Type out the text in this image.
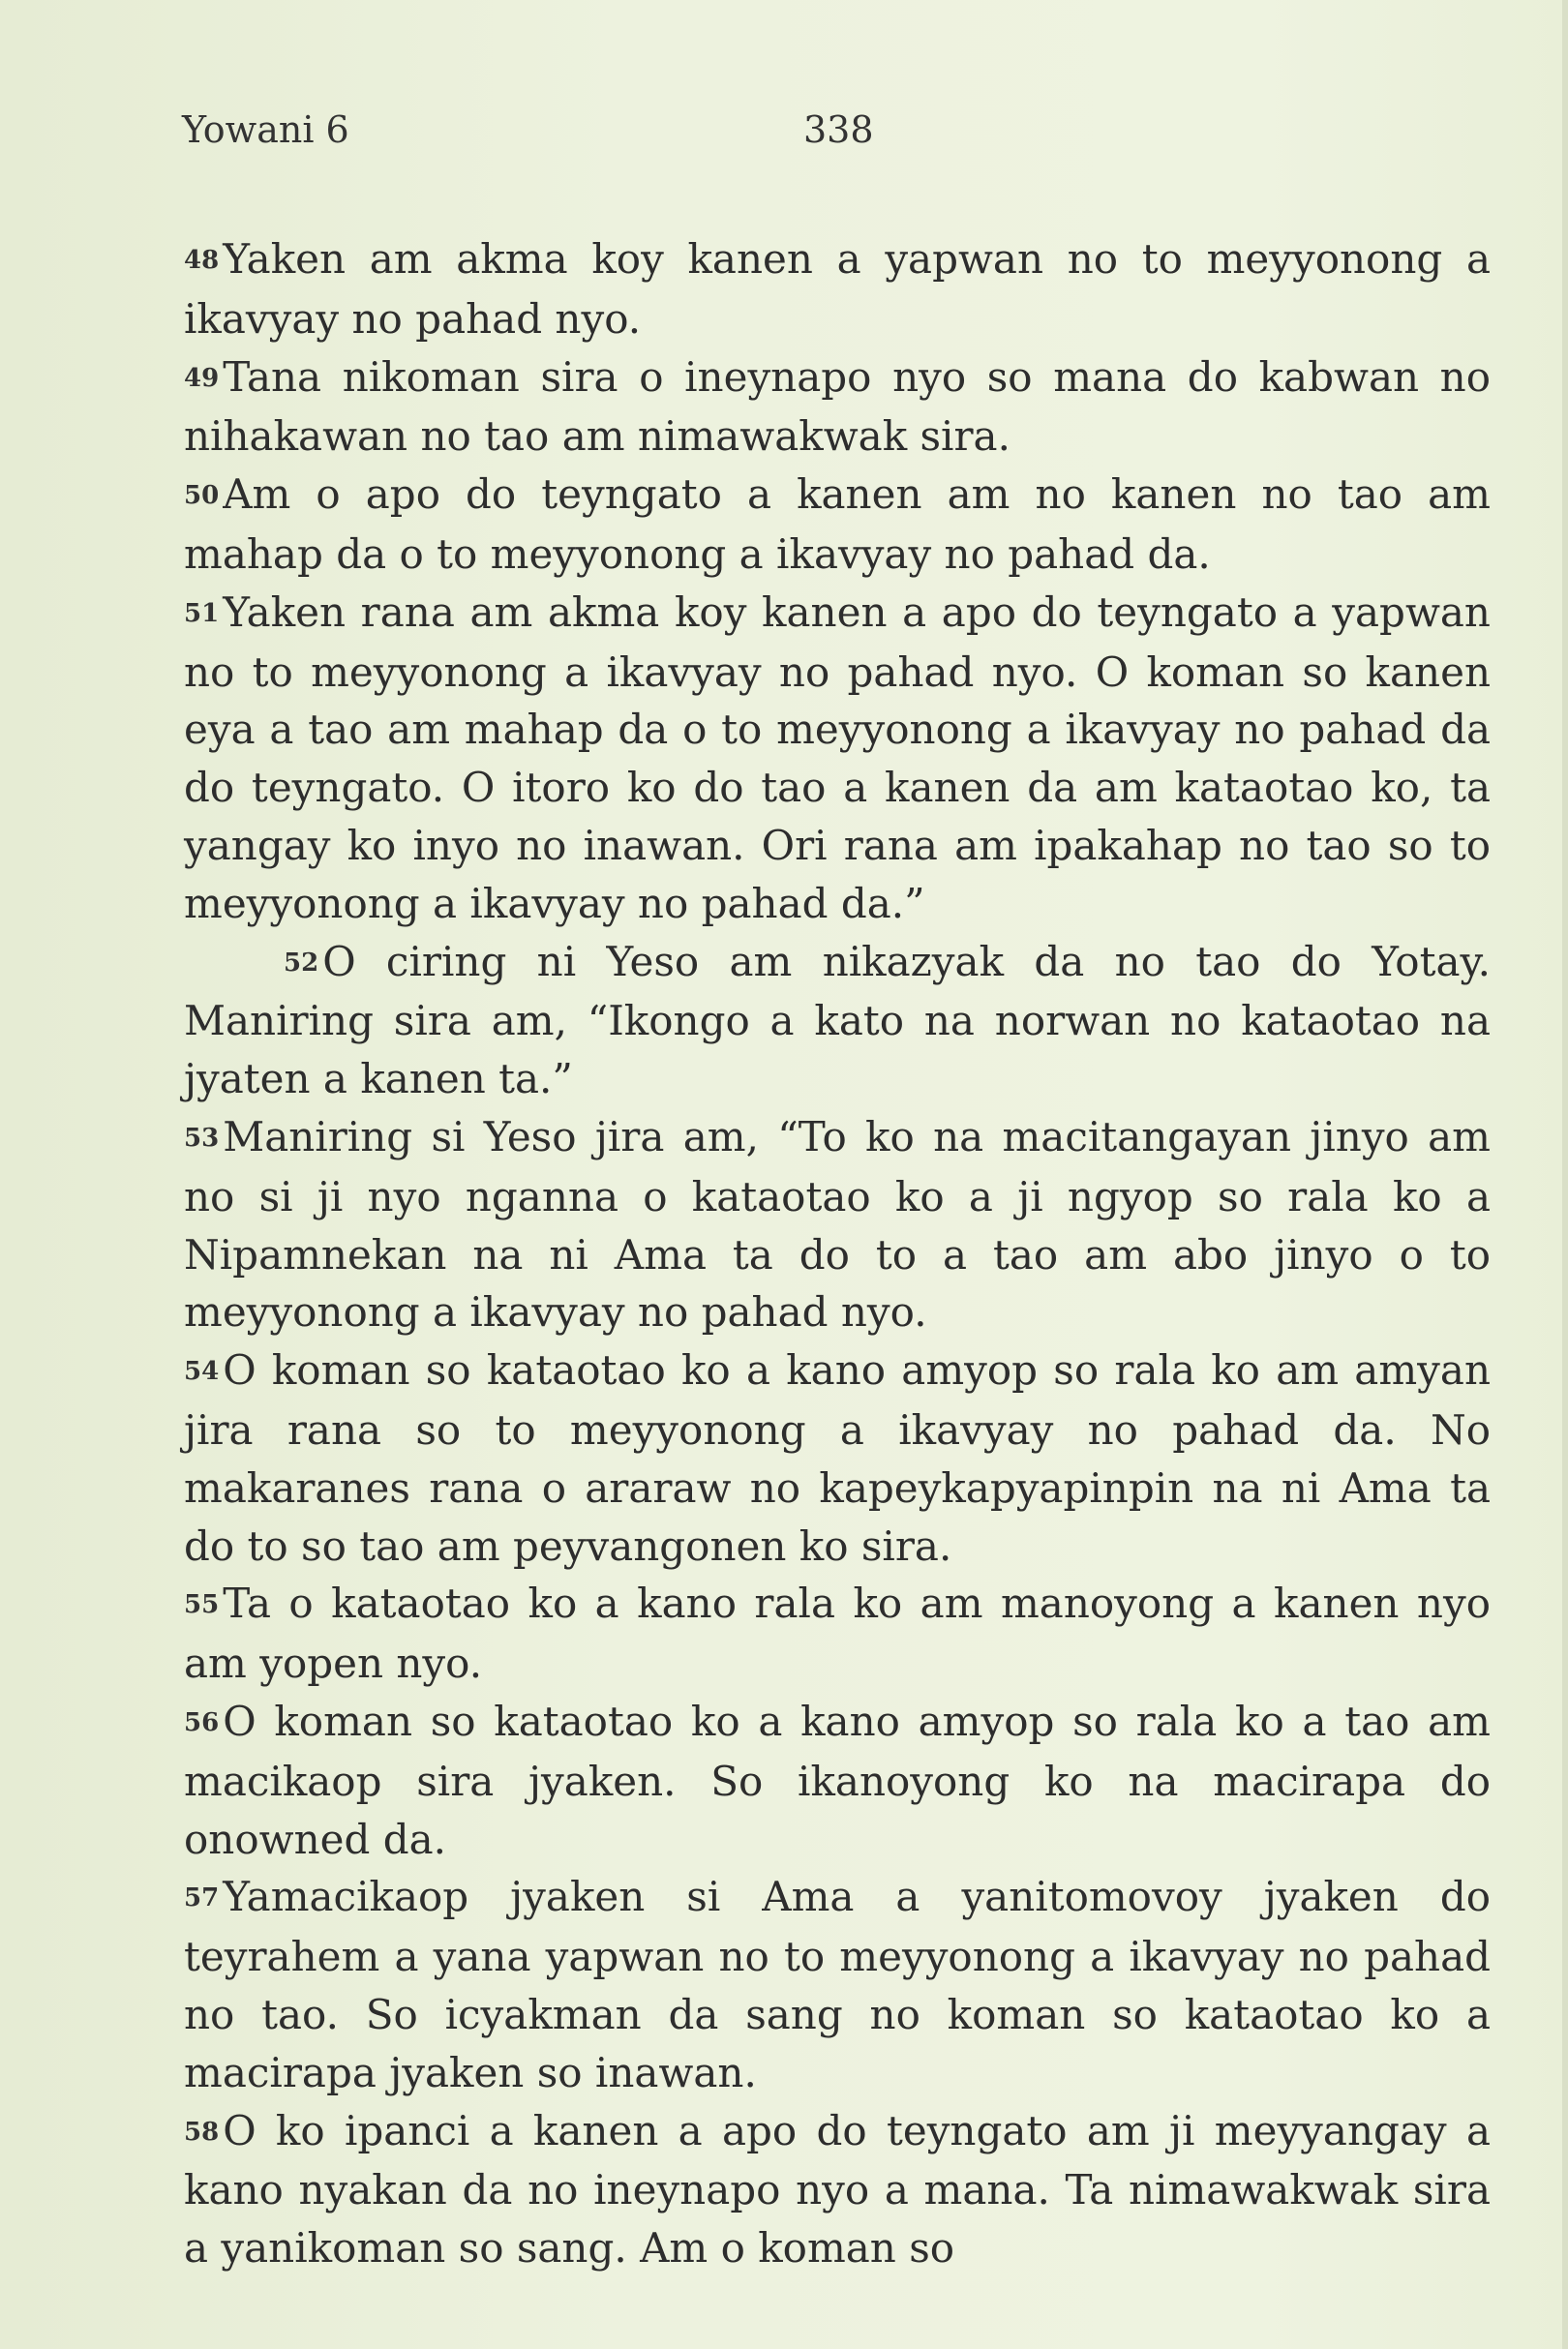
Yowani 6	338

48Yaken am akma koy kanen a yapwan no to meyyonong a ikavyay no pahad nyo.

49Tana nikoman sira o ineynapo nyo so mana do kabwan no nihakawan no tao am nimawakwak sira.

50Am o apo do teyngato a kanen am no kanen no tao am mahap da o to meyyonong a ikavyay no pahad da.

51Yaken rana am akma koy kanen a apo do teyngato a yapwan no to meyyonong a ikavyay no pahad nyo. O koman so kanen eya a tao am mahap da o to meyyonong a ikavyay no pahad da do teyngato. O itoro ko do tao a kanen da am kataotao ko, ta yangay ko inyo no inawan. Ori rana am ipakahap no tao so to meyyonong a ikavyay no pahad da.”

52O ciring ni Yeso am nikazyak da no tao do Yotay. Maniring sira am, “Ikongo a kato na norwan no kataotao na jyaten a kanen ta.”

53Maniring si Yeso jira am, “To ko na macitangayan jinyo am no si ji nyo nganna o kataotao ko a ji ngyop so rala ko a Nipamnekan na ni Ama ta do to a tao am abo jinyo o to meyyonong a ikavyay no pahad nyo.

54O koman so kataotao ko a kano amyop so rala ko am amyan jira rana so to meyyonong a ikavyay no pahad da. No makaranes rana o araraw no kapeykapyapinpin na ni Ama ta do to so tao am peyvangonen ko sira.

55Ta o kataotao ko a kano rala ko am manoyong a kanen nyo am yopen nyo.

56O koman so kataotao ko a kano amyop so rala ko a tao am macikaop sira jyaken. So ikanoyong ko na macirapa do onowned da.

57Yamacikaop jyaken si Ama a yanitomovoy jyaken do teyrahem a yana yapwan no to meyyonong a ikavyay no pahad no tao. So icyakman da sang no koman so kataotao ko a macirapa jyaken so inawan.

58O ko ipanci a kanen a apo do teyngato am ji meyyangay a kano nyakan da no ineynapo nyo a mana. Ta nimawakwak sira a yanikoman so sang. Am o koman so
